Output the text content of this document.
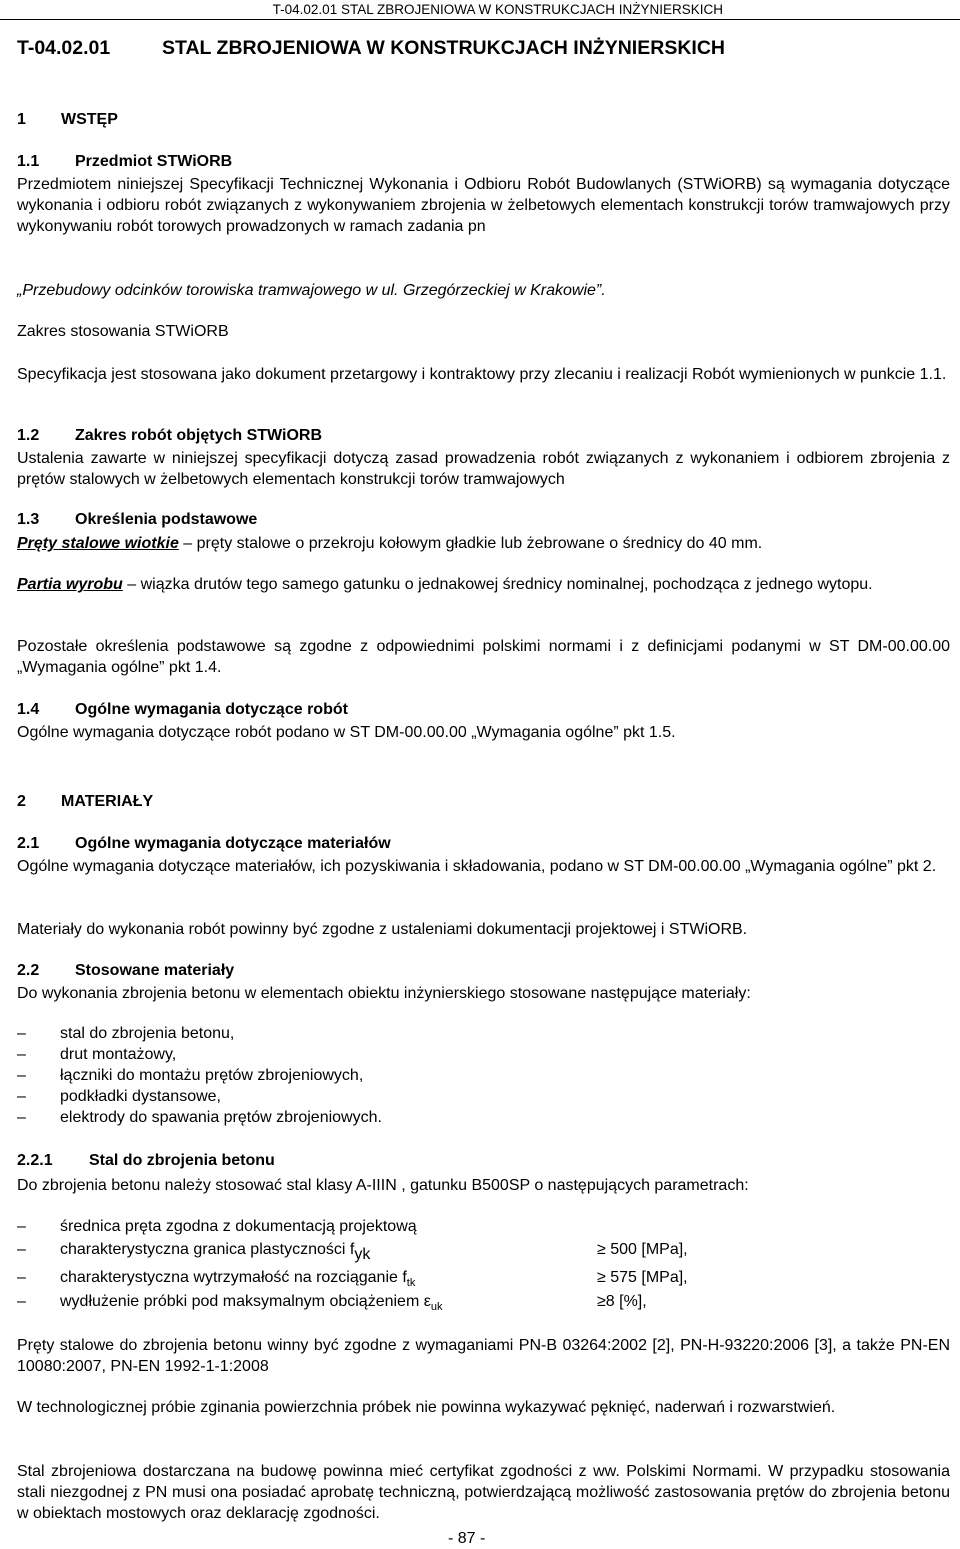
T-04.02.01 STAL ZBROJENIOWA W KONSTRUKCJACH INŻYNIERSKICH
T-04.02.01	STAL ZBROJENIOWA W KONSTRUKCJACH INŻYNIERSKICH
1 WSTĘP
1.1 Przedmiot STWiORB
Przedmiotem niniejszej Specyfikacji Technicznej Wykonania i Odbioru Robót Budowlanych (STWiORB) są wymagania dotyczące wykonania i odbioru robót związanych z wykonywaniem zbrojenia w żelbetowych elementach konstrukcji torów tramwajowych przy wykonywaniu robót torowych prowadzonych w ramach zadania pn
„Przebudowy odcinków torowiska tramwajowego w ul. Grzegórzeckiej w Krakowie”.
Zakres stosowania STWiORB
Specyfikacja jest stosowana jako dokument przetargowy i kontraktowy przy zlecaniu i realizacji Robót wymienionych w punkcie 1.1.
1.2 Zakres robót objętych STWiORB
Ustalenia zawarte w niniejszej specyfikacji dotyczą zasad prowadzenia robót związanych z wykonaniem i odbiorem zbrojenia z prętów stalowych w żelbetowych elementach konstrukcji torów tramwajowych
1.3 Określenia podstawowe
Pręty stalowe wiotkie – pręty stalowe o przekroju kołowym gładkie lub żebrowane o średnicy do 40 mm.
Partia wyrobu – wiązka drutów tego samego gatunku o jednakowej średnicy nominalnej, pochodząca z jednego wytopu.
Pozostałe określenia podstawowe są zgodne z odpowiednimi polskimi normami i z definicjami podanymi w ST DM-00.00.00 „Wymagania ogólne” pkt 1.4.
1.4 Ogólne wymagania dotyczące robót
Ogólne wymagania dotyczące robót podano w ST DM-00.00.00 „Wymagania ogólne” pkt 1.5.
2 MATERIAŁY
2.1 Ogólne wymagania dotyczące materiałów
Ogólne wymagania dotyczące materiałów, ich pozyskiwania i składowania, podano w ST DM-00.00.00 „Wymagania ogólne” pkt 2.
Materiały do wykonania robót powinny być zgodne z ustaleniami dokumentacji projektowej i STWiORB.
2.2 Stosowane materiały
Do wykonania zbrojenia betonu w elementach obiektu inżynierskiego stosowane następujące materiały:
– stal do zbrojenia betonu,
– drut montażowy,
– łączniki do montażu prętów zbrojeniowych,
– podkładki dystansowe,
– elektrody do spawania prętów zbrojeniowych.
2.2.1 Stal do zbrojenia betonu
Do zbrojenia betonu należy stosować stal klasy A-IIIN , gatunku B500SP o następujących parametrach:
– średnica pręta zgodna z dokumentacją projektową
– charakterystyczna granica plastyczności $f_{yk}$	≥ 500 [MPa],
– charakterystyczna wytrzymałość na rozciąganie $f_{tk}$	≥ 575 [MPa],
– wydłużenie próbki pod maksymalnym obciążeniem $\varepsilon_{uk}$	≥8 [%],
Pręty stalowe do zbrojenia betonu winny być zgodne z wymaganiami PN-B 03264:2002 [2], PN-H-93220:2006 [3], a także PN-EN 10080:2007, PN-EN 1992-1-1:2008
W technologicznej próbie zginania powierzchnia próbek nie powinna wykazywać pęknięć, naderwań i rozwarstwień.
Stal zbrojeniowa dostarczana na budowę powinna mieć certyfikat zgodności z ww. Polskimi Normami. W przypadku stosowania stali niezgodnej z PN musi ona posiadać aprobatę techniczną, potwierdzającą możliwość zastosowania prętów do zbrojenia betonu w obiektach mostowych oraz deklarację zgodności.
- 87 -
